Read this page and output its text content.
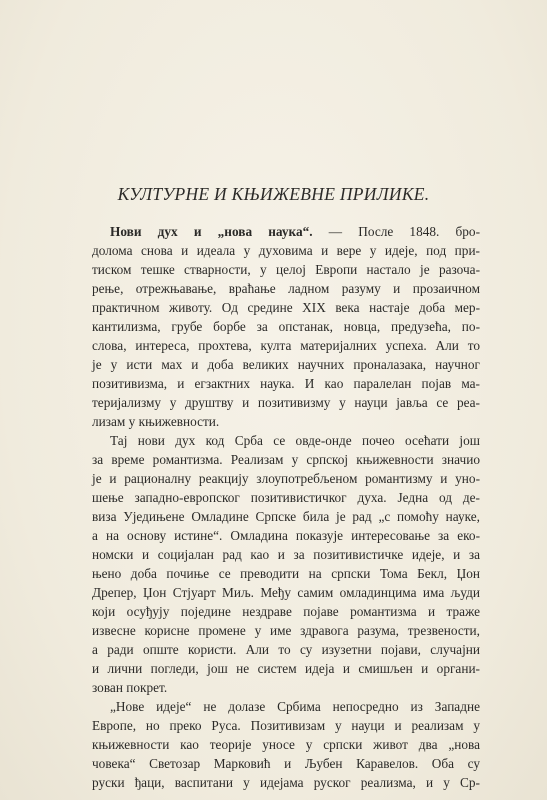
КУЛТУРНЕ И КЊИЖЕВНЕ ПРИЛИКЕ.
Нови дух и „нова наука“. — После 1848. бро-
долома снова и идеала у духовима и вере у идеје, под при-
тиском тешке стварности, у целој Европи настало је разоча-
рење, отрежњавање, враћање ладном разуму и прозаичном
практичном животу. Од средине XIX века настаје доба мер-
кантилизма, грубе борбе за опстанак, новца, предузећа, по-
слова, интереса, прохтева, култа материјалних успеха. Али то
је у исти мах и доба великих научних проналазака, научног
позитивизма, и егзактних наука. И као паралелан појав ма-
теријализму у друштву и позитивизму у науци јавља се реа-
лизам у књижевности.
Тај нови дух код Срба се овде-онде почео осећати још
за време романтизма. Реализам у српској књижевности значио
је и рационалну реакцију злоупотребљеном романтизму и уно-
шење западно-европског позитивистичког духа. Једна од де-
виза Уједињене Омладине Српске била је рад „с помоћу науке,
а на основу истине“. Омладина показује интересовање за еко-
номски и социјалан рад као и за позитивистичке идеје, и за
њено доба почиње се преводити на српски Тома Бекл, Џон
Дрепер, Џон Стјуарт Миљ. Међу самим омладинцима има људи
који осуђују поједине нездраве појаве романтизма и траже
извесне корисне промене у име здравога разума, трезвености,
а ради опште користи. Али то су изузетни појави, случајни
и лични погледи, још не систем идеја и смишљен и органи-
зован покрет.
„Нове идеје“ не долазе Србима непосредно из Западне
Европе, но преко Руса. Позитивизам у науци и реализам у
књижевности као теорије уносе у српски живот два „нова
човека“ Светозар Марковић и Љубен Каравелов. Оба су
руски ђаци, васпитани у идејама руског реализма, и у Ср-
